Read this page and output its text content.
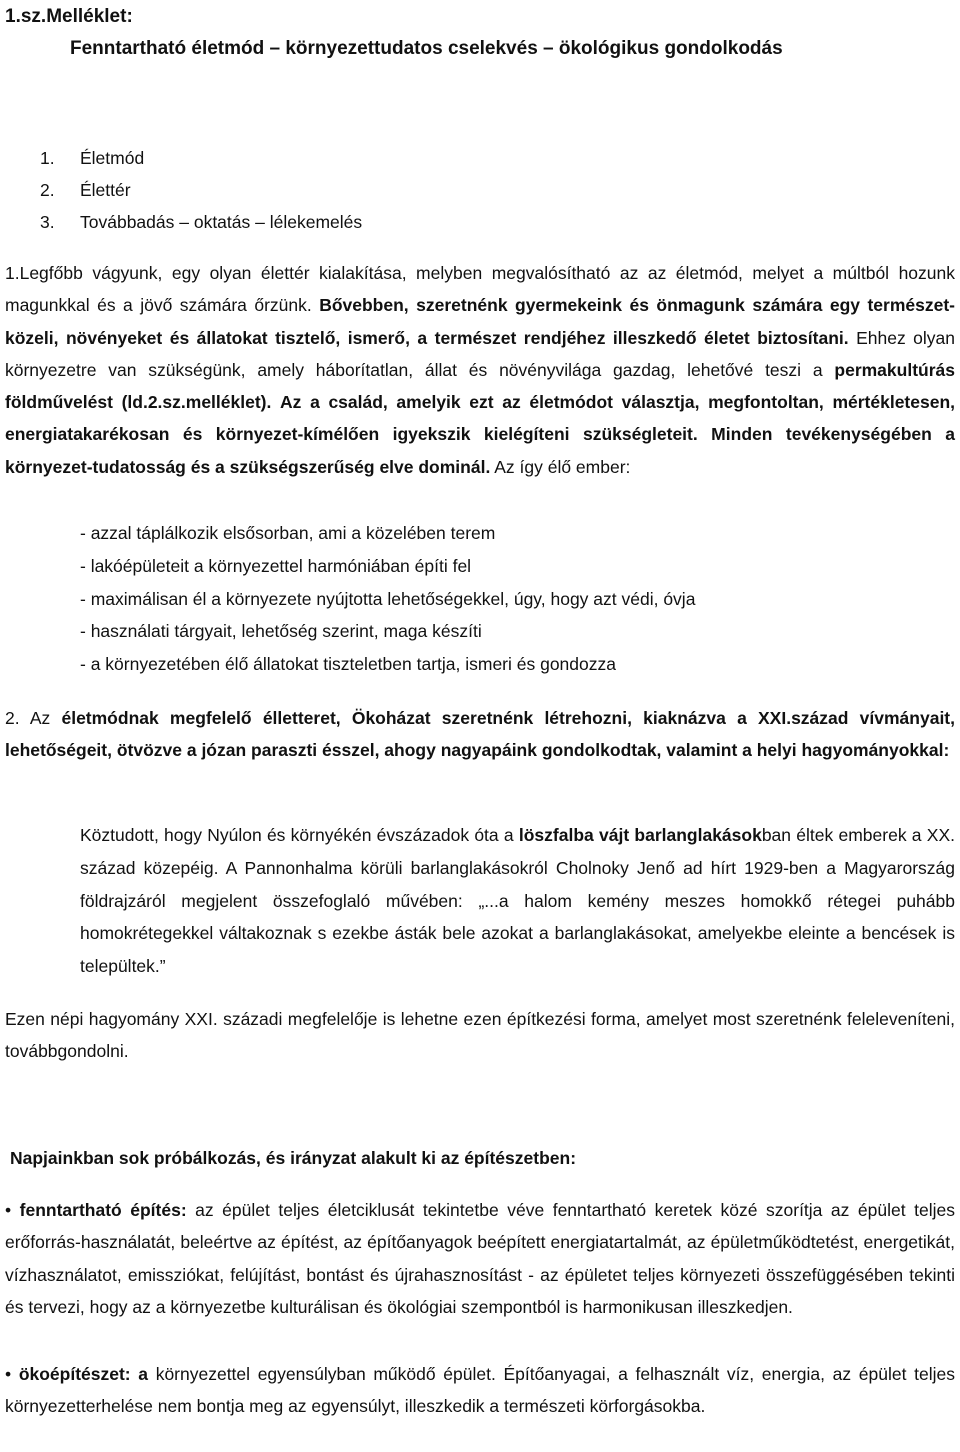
1.sz.Melléklet:

Fenntartható életmód – környezettudatos cselekvés – ökológikus gondolkodás

1. Életmód
2. Élettér
3. Továbbadás – oktatás – lélekemelés

1.Legfőbb vágyunk, egy olyan élettér kialakítása, melyben megvalósítható az az életmód, melyet a múltból hozunk magunkkal és a jövő számára őrzünk. Bővebben, szeretnénk gyermekeink és önmagunk számára egy természet-közeli, növényeket és állatokat tisztelő, ismerő, a természet rendjéhez illeszkedő életet biztosítani. Ehhez olyan környezetre van szükségünk, amely háborítatlan, állat és növényvilága gazdag, lehetővé teszi a permakultúrás földművelést (ld.2.sz.melléklet). Az a család, amelyik ezt az életmódot választja, megfontoltan, mértékletesen, energiatakarékosan és környezet-kímélően igyekszik kielégíteni szükségleteit. Minden tevékenységében a környezet-tudatosság és a szükségszerűség elve dominál. Az így élő ember:

- azzal táplálkozik elsősorban, ami a közelében terem
- lakóépületeit a környezettel harmóniában építi fel
- maximálisan él a környezete nyújtotta lehetőségekkel, úgy, hogy azt védi, óvja
- használati tárgyait, lehetőség szerint, maga készíti
- a környezetében élő állatokat tiszteletben tartja, ismeri és gondozza

2. Az életmódnak megfelelő élletteret, Ökoházat szeretnénk létrehozni, kiaknázva a XXI.század vívmányait, lehetőségeit, ötvözve a józan paraszti ésszel, ahogy nagyapáink gondolkodtak, valamint a helyi hagyományokkal:

Köztudott, hogy Nyúlon és környékén évszázadok óta a löszfalba vájt barlanglakásokban éltek emberek a XX. század közepéig. A Pannonhalma körüli barlanglakásokról Cholnoky Jenő ad hírt 1929-ben a Magyarország földrajzáról megjelent összefoglaló művében: „...a halom kemény meszes homokkő rétegei puhább homokrétegekkel váltakoznak s ezekbe ásták bele azokat a barlanglakásokat, amelyekbe eleinte a bencések is települtek.”

Ezen népi hagyomány XXI. századi megfelelője is lehetne ezen építkezési forma, amelyet most szeretnénk feleleveníteni, továbbgondolni.

Napjainkban sok próbálkozás, és irányzat alakult ki az építészetben:

• fenntartható építés: az épület teljes életciklusát tekintetbe véve fenntartható keretek közé szorítja az épület teljes erőforrás-használatát, beleértve az építést, az építőanyagok beépített energiatartalmát, az épületműködtetést, energetikát, vízhasználatot, emissziókat, felújítást, bontást és újrahasznosítást - az épületet teljes környezeti összefüggésében tekinti és tervezi, hogy az a környezetbe kulturálisan és ökológiai szempontból is harmonikusan illeszkedjen.

• ökoépítészet: a környezettel egyensúlyban működő épület. Építőanyagai, a felhasznált víz, energia, az épület teljes környezetterhelése nem bontja meg az egyensúlyt, illeszkedik a természeti körforgásokba.
